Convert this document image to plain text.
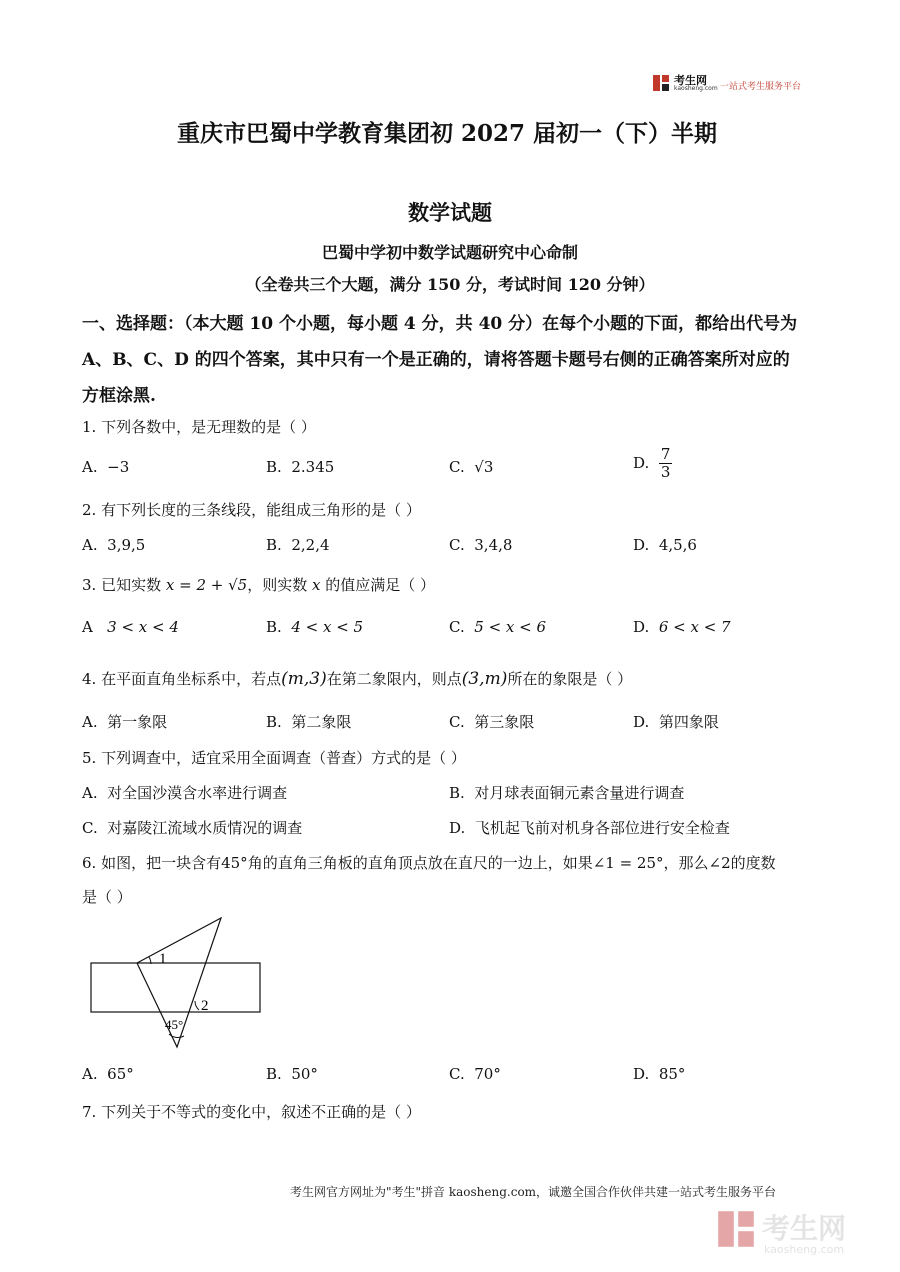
考生网
kaosheng.com 一站式考生服务平台
重庆市巴蜀中学教育集团初 2027 届初一（下）半期
数学试题
巴蜀中学初中数学试题研究中心命制
（全卷共三个大题，满分 150 分，考试时间 120 分钟）
一、选择题：（本大题 10 个小题，每小题 4 分，共 40 分）在每个小题的下面，都给出代号为
A、B、C、D 的四个答案，其中只有一个是正确的，请将答题卡题号右侧的正确答案所对应的
方框涂黑.
1. 下列各数中，是无理数的是（ ）
A. −3	B. 2.345	C. √3	D. $\frac{7}{3}$
2. 有下列长度的三条线段，能组成三角形的是（ ）
A. 3,9,5	B. 2,2,4	C. 3,4,8	D. 4,5,6
3. 已知实数 x = 2 + √5，则实数 x 的值应满足（ ）
A 3 < x < 4	B. 4 < x < 5	C. 5 < x < 6	D. 6 < x < 7
4. 在平面直角坐标系中，若点(m,3)在第二象限内，则点(3,m)所在的象限是（ ）
A. 第一象限	B. 第二象限	C. 第三象限	D. 第四象限
5. 下列调查中，适宜采用全面调查（普查）方式的是（ ）
A. 对全国沙漠含水率进行调查	B. 对月球表面铜元素含量进行调查
C. 对嘉陵江流域水质情况的调查	D. 飞机起飞前对机身各部位进行安全检查
6. 如图，把一块含有45°角的直角三角板的直角顶点放在直尺的一边上，如果∠1 = 25°，那么∠2的度数
是（ ）
1
2
45°
A. 65°	B. 50°	C. 70°	D. 85°
7. 下列关于不等式的变化中，叙述不正确的是（ ）
考生网官方网址为"考生"拼音 kaosheng.com，诚邀全国合作伙伴共建一站式考生服务平台
考生网
kaosheng.com
